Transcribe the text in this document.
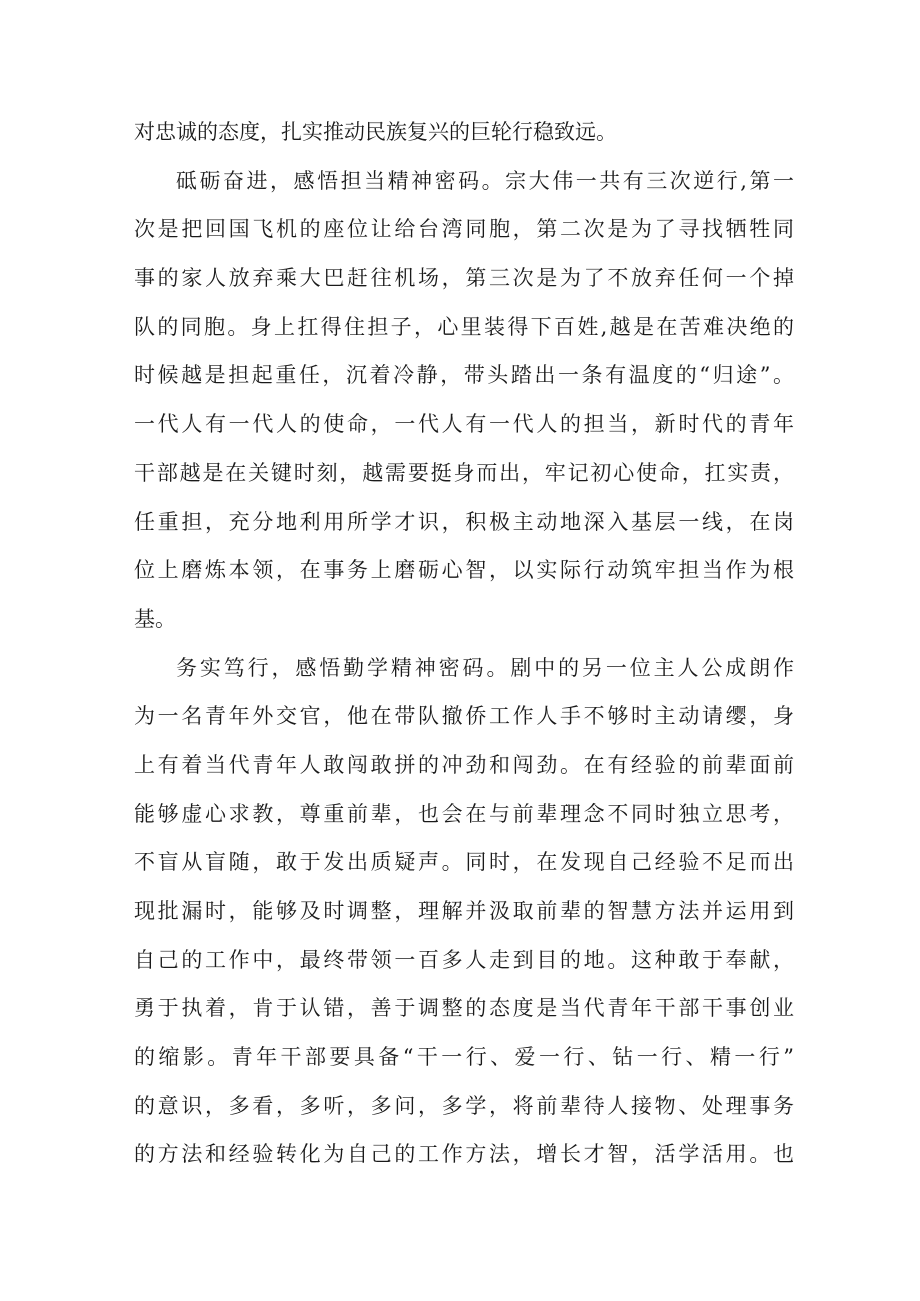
对忠诚的态度，扎实推动民族复兴的巨轮行稳致远。
砥砺奋进，感悟担当精神密码。宗大伟一共有三次逆行,第一
次是把回国飞机的座位让给台湾同胞，第二次是为了寻找牺牲同
事的家人放弃乘大巴赶往机场，第三次是为了不放弃任何一个掉
队的同胞。身上扛得住担子，心里装得下百姓,越是在苦难决绝的
时候越是担起重任，沉着冷静，带头踏出一条有温度的“归途”。
一代人有一代人的使命，一代人有一代人的担当，新时代的青年
干部越是在关键时刻，越需要挺身而出，牢记初心使命，扛实责，
任重担，充分地利用所学才识，积极主动地深入基层一线，在岗
位上磨炼本领，在事务上磨砺心智，以实际行动筑牢担当作为根
基。
务实笃行，感悟勤学精神密码。剧中的另一位主人公成朗作
为一名青年外交官，他在带队撤侨工作人手不够时主动请缨，身
上有着当代青年人敢闯敢拼的冲劲和闯劲。在有经验的前辈面前
能够虚心求教，尊重前辈，也会在与前辈理念不同时独立思考，
不盲从盲随，敢于发出质疑声。同时，在发现自己经验不足而出
现批漏时，能够及时调整，理解并汲取前辈的智慧方法并运用到
自己的工作中，最终带领一百多人走到目的地。这种敢于奉献，
勇于执着，肯于认错，善于调整的态度是当代青年干部干事创业
的缩影。青年干部要具备“干一行、爱一行、钻一行、精一行”
的意识，多看，多听，多问，多学，将前辈待人接物、处理事务
的方法和经验转化为自己的工作方法，增长才智，活学活用。也
